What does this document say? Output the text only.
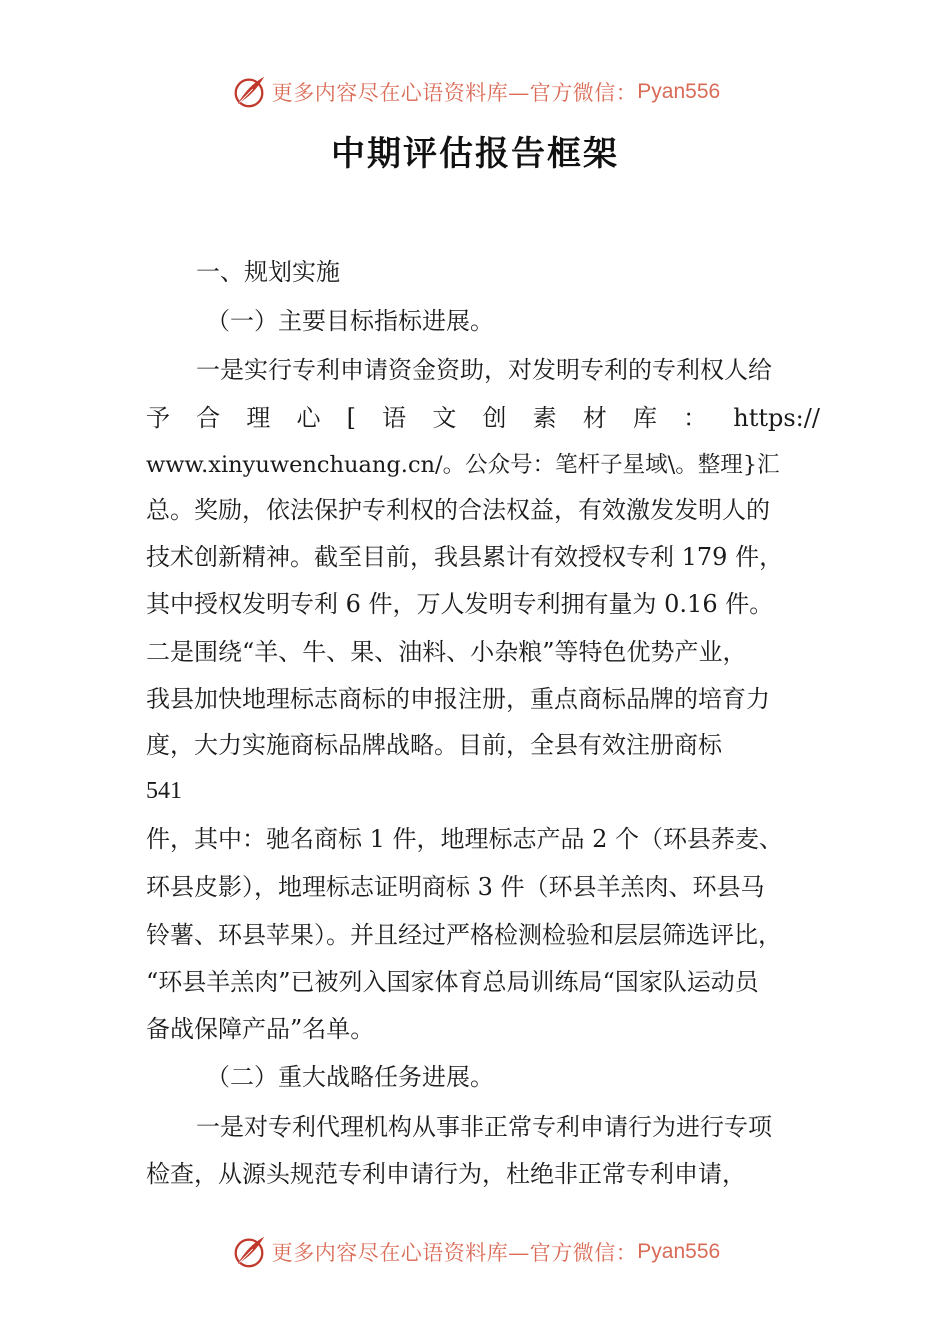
更多内容尽在心语资料库—官方微信： Pyan556
中期评估报告框架

一、规划实施

（一）主要目标指标进展。

一是实行专利申请资金资助，对发明专利的专利权人给

予 合 理 心 [ 语 文 创 素 材 库 ： https://

www.xinyuwenchuang.cn/。公众号：笔杆子星域\。整理}汇

总。奖励，依法保护专利权的合法权益，有效激发发明人的

技术创新精神。截至目前，我县累计有效授权专利 179 件，

其中授权发明专利 6 件，万人发明专利拥有量为 0.16 件。

二是围绕“羊、牛、果、油料、小杂粮”等特色优势产业，

我县加快地理标志商标的申报注册，重点商标品牌的培育力

度，大力实施商标品牌战略。目前，全县有效注册商标

541

件，其中：驰名商标 1 件，地理标志产品 2 个（环县荞麦、

环县皮影），地理标志证明商标 3 件（环县羊羔肉、环县马

铃薯、环县苹果）。并且经过严格检测检验和层层筛选评比，

“环县羊羔肉”已被列入国家体育总局训练局“国家队运动员

备战保障产品”名单。

（二）重大战略任务进展。

一是对专利代理机构从事非正常专利申请行为进行专项

检查，从源头规范专利申请行为，杜绝非正常专利申请，

更多内容尽在心语资料库—官方微信： Pyan556
